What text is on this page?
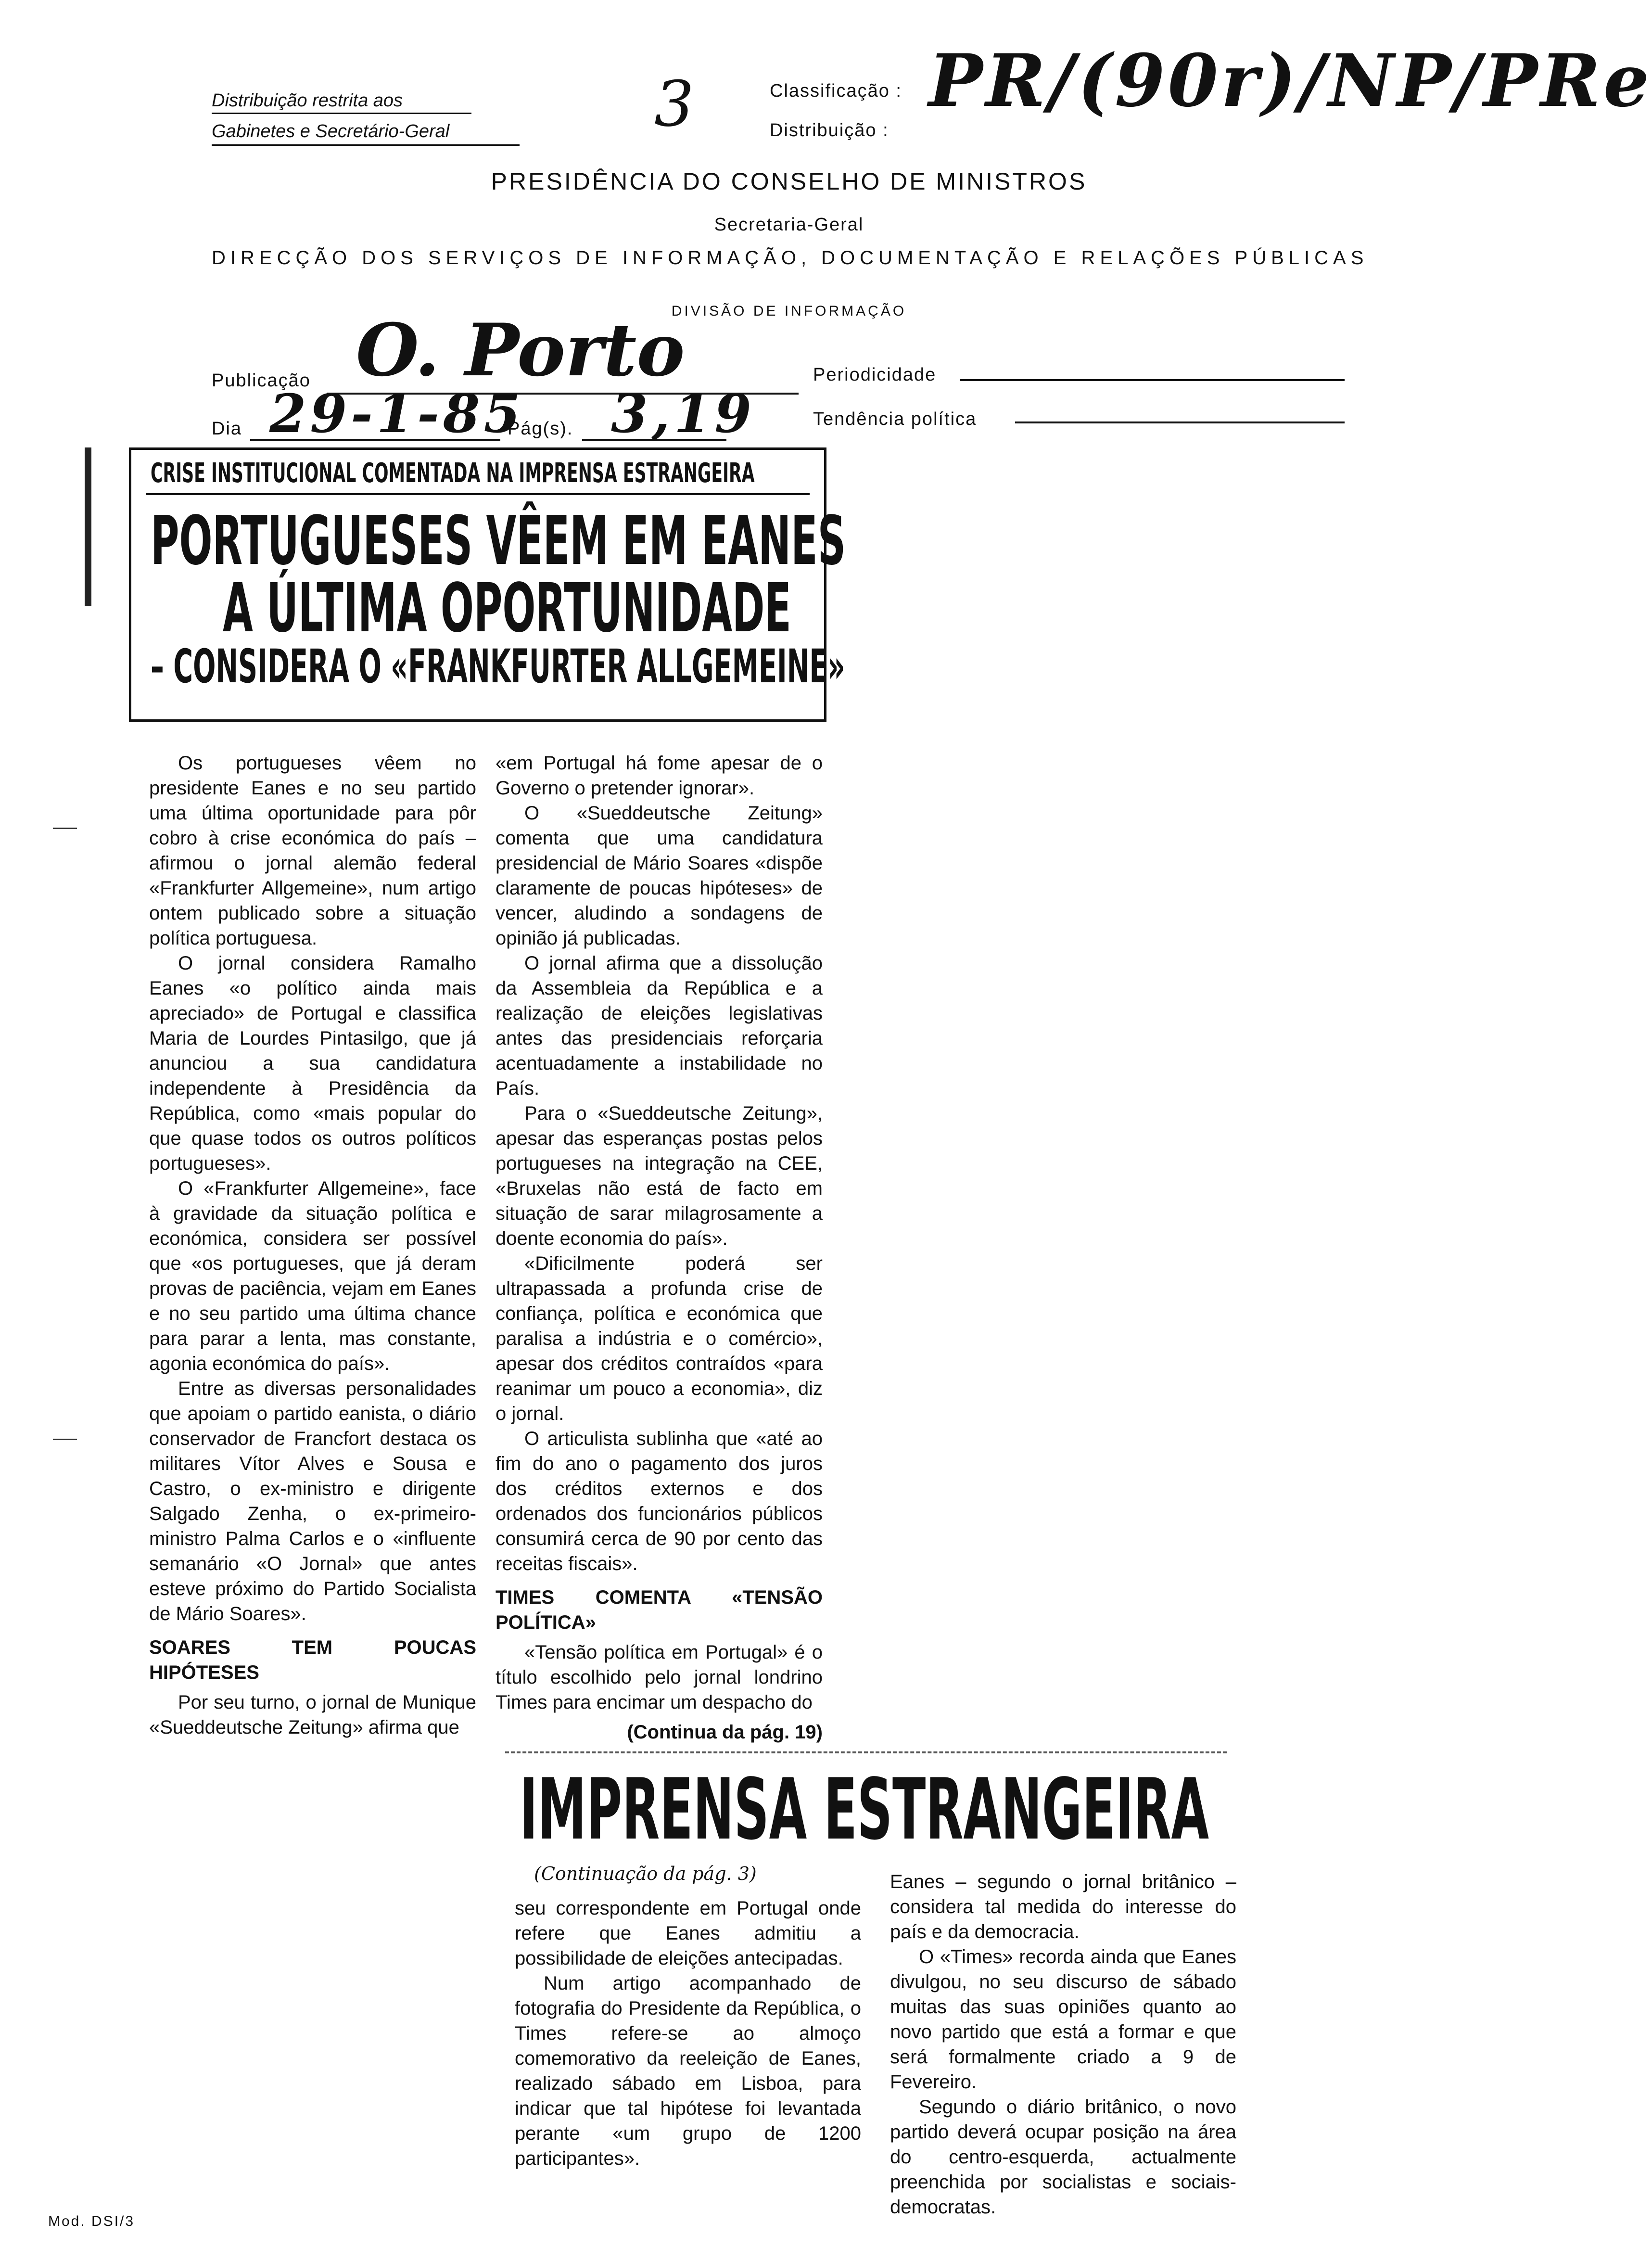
Distribuição restrita aos
Gabinetes e Secretário-Geral	3	Classificação :
Distribuição :
PR/(90r)/NP/PRe
PRESIDÊNCIA DO CONSELHO DE MINISTROS
Secretaria-Geral
DIRECÇÃO DOS SERVIÇOS DE INFORMAÇÃO, DOCUMENTAÇÃO E RELAÇÕES PÚBLICAS
DIVISÃO DE INFORMAÇÃO
Publicação O. Porto	Periodicidade
Dia 29-1-85
Pág(s). 3,19	Tendência política
CRISE INSTITUCIONAL COMENTADA NA IMPRENSA ESTRANGEIRA
PORTUGUESES VÊEM EM EANES
A ÚLTIMA OPORTUNIDADE
– CONSIDERA O «FRANKFURTER ALLGEMEINE»

Os portugueses vêem no presidente Eanes e no seu partido uma última oportunidade para pôr cobro à crise económica do país – afirmou o jornal alemão federal «Frankfurter Allgemeine», num artigo ontem publicado sobre a situação política portuguesa.

O jornal considera Ramalho Eanes «o político ainda mais apreciado» de Portugal e classifica Maria de Lourdes Pintasilgo, que já anunciou a sua candidatura independente à Presidência da República, como «mais popular do que quase todos os outros políticos portugueses».

O «Frankfurter Allgemeine», face à gravidade da situação política e económica, considera ser possível que «os portugueses, que já deram provas de paciência, vejam em Eanes e no seu partido uma última chance para parar a lenta, mas constante, agonia económica do país».

Entre as diversas personalidades que apoiam o partido eanista, o diário conservador de Francfort destaca os militares Vítor Alves e Sousa e Castro, o ex-ministro e dirigente Salgado Zenha, o ex-primeiro-ministro Palma Carlos e o «influente semanário «O Jornal» que antes esteve próximo do Partido Socialista de Mário Soares».

SOARES TEM POUCAS HIPÓTESES

Por seu turno, o jornal de Munique «Sueddeutsche Zeitung» afirma que

«em Portugal há fome apesar de o Governo o pretender ignorar».

O «Sueddeutsche Zeitung» comenta que uma candidatura presidencial de Mário Soares «dispõe claramente de poucas hipóteses» de vencer, aludindo a sondagens de opinião já publicadas.

O jornal afirma que a dissolução da Assembleia da República e a realização de eleições legislativas antes das presidenciais reforçaria acentuadamente a instabilidade no País.

Para o «Sueddeutsche Zeitung», apesar das esperanças postas pelos portugueses na integração na CEE, «Bruxelas não está de facto em situação de sarar milagrosamente a doente economia do país».

«Dificilmente poderá ser ultrapassada a profunda crise de confiança, política e económica que paralisa a indústria e o comércio», apesar dos créditos contraídos «para reanimar um pouco a economia», diz o jornal.

O articulista sublinha que «até ao fim do ano o pagamento dos juros dos créditos externos e dos ordenados dos funcionários públicos consumirá cerca de 90 por cento das receitas fiscais».

TIMES COMENTA «TENSÃO POLÍTICA»

«Tensão política em Portugal» é o título escolhido pelo jornal londrino Times para encimar um despacho do

(Continua da pág. 19)
IMPRENSA ESTRANGEIRA
(Continuação da pág. 3)

seu correspondente em Portugal onde refere que Eanes admitiu a possibilidade de eleições antecipadas.

Num artigo acompanhado de fotografia do Presidente da República, o Times refere-se ao almoço comemorativo da reeleição de Eanes, realizado sábado em Lisboa, para indicar que tal hipótese foi levantada perante «um grupo de 1200 participantes».

Eanes – segundo o jornal britânico – considera tal medida do interesse do país e da democracia.

O «Times» recorda ainda que Eanes divulgou, no seu discurso de sábado muitas das suas opiniões quanto ao novo partido que está a formar e que será formalmente criado a 9 de Fevereiro.

Segundo o diário britânico, o novo partido deverá ocupar posição na área do centro-esquerda, actualmente preenchida por socialistas e sociais-democratas.

Mod. DSI/3
